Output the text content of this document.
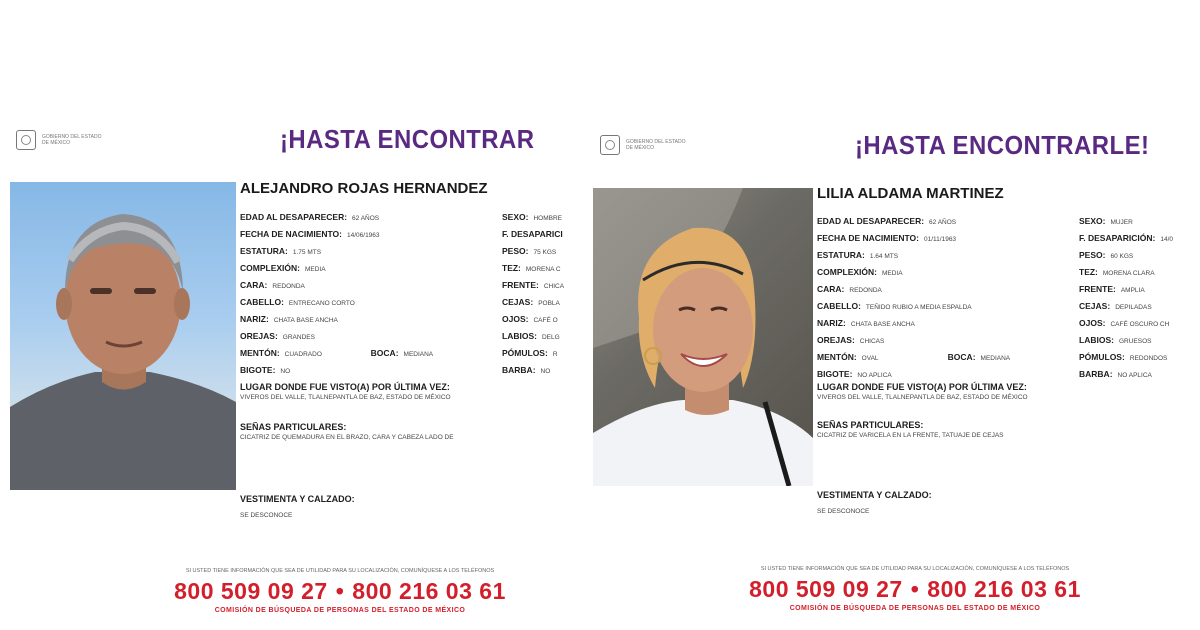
GOBIERNO DEL ESTADO DE MÉXICO	¡HASTA ENCONTRAR
ALEJANDRO ROJAS HERNANDEZ
EDAD AL DESAPARECER: 62 AÑOS	SEXO: HOMBRE
FECHA DE NACIMIENTO: 14/06/1963	F. DESAPARICI
ESTATURA: 1.75 MTS	PESO: 75 KGS
COMPLEXIÓN: MEDIA	TEZ: MORENA C
CARA: REDONDA	FRENTE: CHICA
CABELLO: ENTRECANO CORTO	CEJAS: POBLA
NARIZ: CHATA BASE ANCHA	OJOS: CAFÉ O
OREJAS: GRANDES	LABIOS: DELG
MENTÓN: CUADRADO	BOCA: MEDIANA	PÓMULOS: R
BIGOTE: NO	BARBA: NO
LUGAR DONDE FUE VISTO(A) POR ÚLTIMA VEZ:
VIVEROS DEL VALLE, TLALNEPANTLA DE BAZ, ESTADO DE MÉXICO
SEÑAS PARTICULARES:
CICATRIZ DE QUEMADURA EN EL BRAZO, CARA Y CABEZA LADO DE
VESTIMENTA Y CALZADO:
SE DESCONOCE
SI USTED TIENE INFORMACIÓN QUE SEA DE UTILIDAD PARA SU LOCALIZACIÓN, COMUNÍQUESE A LOS TELÉFONOS
800 509 09 27 • 800 216 03 61
COMISIÓN DE BÚSQUEDA DE PERSONAS DEL ESTADO DE MÉXICO
GOBIERNO DEL ESTADO DE MÉXICO	¡HASTA ENCONTRARLE!
LILIA ALDAMA MARTINEZ
EDAD AL DESAPARECER: 62 AÑOS	SEXO: MUJER
FECHA DE NACIMIENTO: 01/11/1963	F. DESAPARICIÓN: 14/0
ESTATURA: 1.64 MTS	PESO: 60 KGS
COMPLEXIÓN: MEDIA	TEZ: MORENA CLARA
CARA: REDONDA	FRENTE: AMPLIA
CABELLO: TEÑIDO RUBIO A MEDIA ESPALDA	CEJAS: DEPILADAS
NARIZ: CHATA BASE ANCHA	OJOS: CAFÉ OSCURO CH
OREJAS: CHICAS	LABIOS: GRUESOS
MENTÓN: OVAL	BOCA: MEDIANA	PÓMULOS: REDONDOS
BIGOTE: NO APLICA	BARBA: NO APLICA
LUGAR DONDE FUE VISTO(A) POR ÚLTIMA VEZ:
VIVEROS DEL VALLE, TLALNEPANTLA DE BAZ, ESTADO DE MÉXICO
SEÑAS PARTICULARES:
CICATRIZ DE VARICELA EN LA FRENTE, TATUAJE DE CEJAS
VESTIMENTA Y CALZADO:
SE DESCONOCE
SI USTED TIENE INFORMACIÓN QUE SEA DE UTILIDAD PARA SU LOCALIZACIÓN, COMUNÍQUESE A LOS TELÉFONOS
800 509 09 27 • 800 216 03 61
COMISIÓN DE BÚSQUEDA DE PERSONAS DEL ESTADO DE MÉXICO
